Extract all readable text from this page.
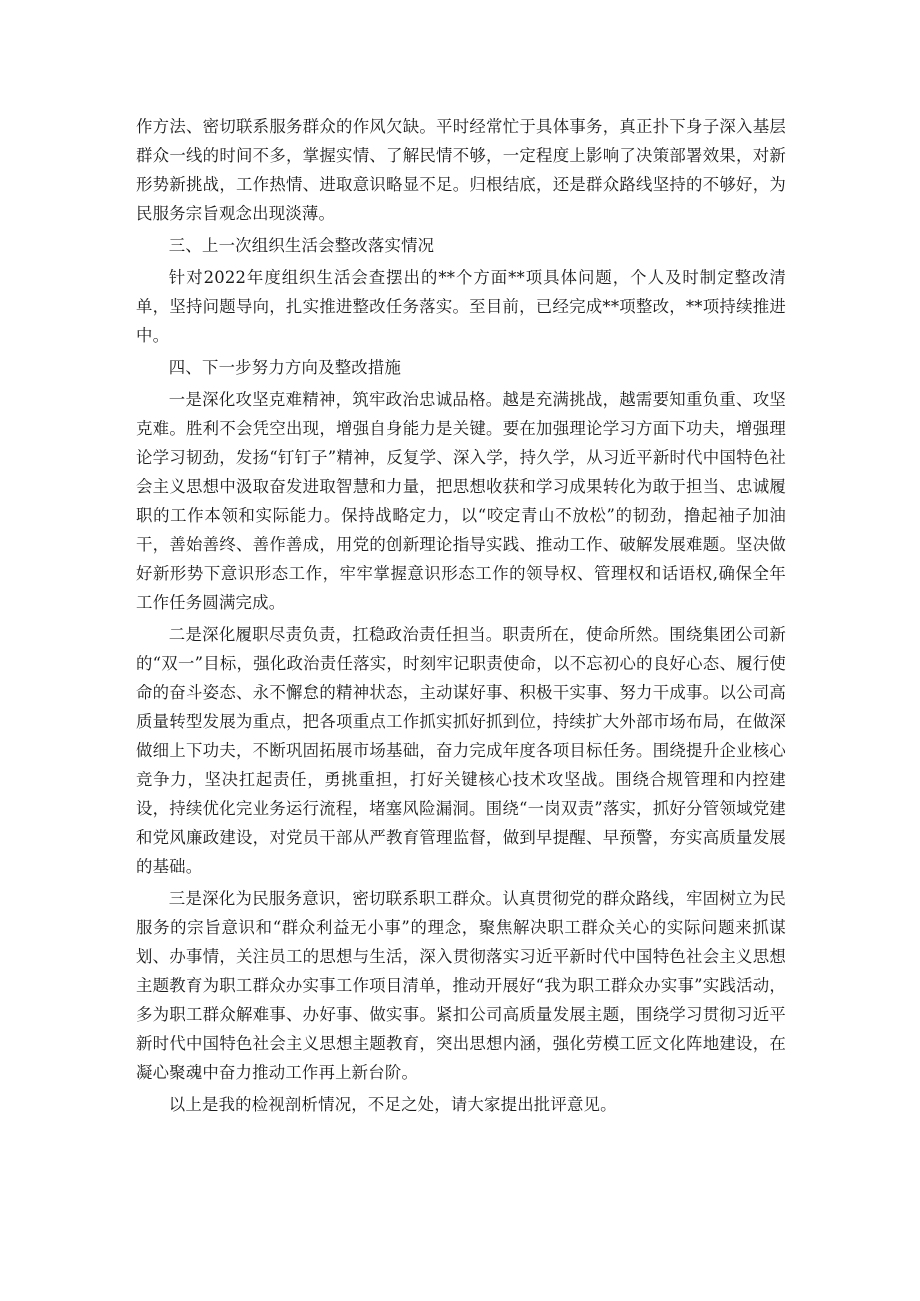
作方法、密切联系服务群众的作风欠缺。平时经常忙于具体事务，真正扑下身子深入基层群众一线的时间不多，掌握实情、了解民情不够，一定程度上影响了决策部署效果，对新形势新挑战，工作热情、进取意识略显不足。归根结底，还是群众路线坚持的不够好，为民服务宗旨观念出现淡薄。

三、上一次组织生活会整改落实情况

针对2022年度组织生活会查摆出的**个方面**项具体问题，个人及时制定整改清单，坚持问题导向，扎实推进整改任务落实。至目前，已经完成**项整改，**项持续推进中。

四、下一步努力方向及整改措施

一是深化攻坚克难精神，筑牢政治忠诚品格。越是充满挑战，越需要知重负重、攻坚克难。胜利不会凭空出现，增强自身能力是关键。要在加强理论学习方面下功夫，增强理论学习韧劲，发扬“钉钉子”精神，反复学、深入学，持久学，从习近平新时代中国特色社会主义思想中汲取奋发进取智慧和力量，把思想收获和学习成果转化为敢于担当、忠诚履职的工作本领和实际能力。保持战略定力，以“咬定青山不放松”的韧劲，撸起袖子加油干，善始善终、善作善成，用党的创新理论指导实践、推动工作、破解发展难题。坚决做好新形势下意识形态工作，牢牢掌握意识形态工作的领导权、管理权和话语权,确保全年工作任务圆满完成。

二是深化履职尽责负责，扛稳政治责任担当。职责所在，使命所然。围绕集团公司新的“双一”目标，强化政治责任落实，时刻牢记职责使命，以不忘初心的良好心态、履行使命的奋斗姿态、永不懈怠的精神状态，主动谋好事、积极干实事、努力干成事。以公司高质量转型发展为重点，把各项重点工作抓实抓好抓到位，持续扩大外部市场布局，在做深做细上下功夫，不断巩固拓展市场基础，奋力完成年度各项目标任务。围绕提升企业核心竞争力，坚决扛起责任，勇挑重担，打好关键核心技术攻坚战。围绕合规管理和内控建设，持续优化完业务运行流程，堵塞风险漏洞。围绕“一岗双责”落实，抓好分管领域党建和党风廉政建设，对党员干部从严教育管理监督，做到早提醒、早预警，夯实高质量发展的基础。

三是深化为民服务意识，密切联系职工群众。认真贯彻党的群众路线，牢固树立为民服务的宗旨意识和“群众利益无小事”的理念，聚焦解决职工群众关心的实际问题来抓谋划、办事情，关注员工的思想与生活，深入贯彻落实习近平新时代中国特色社会主义思想主题教育为职工群众办实事工作项目清单，推动开展好“我为职工群众办实事”实践活动，多为职工群众解难事、办好事、做实事。紧扣公司高质量发展主题，围绕学习贯彻习近平新时代中国特色社会主义思想主题教育，突出思想内涵，强化劳模工匠文化阵地建设，在凝心聚魂中奋力推动工作再上新台阶。

以上是我的检视剖析情况，不足之处，请大家提出批评意见。
